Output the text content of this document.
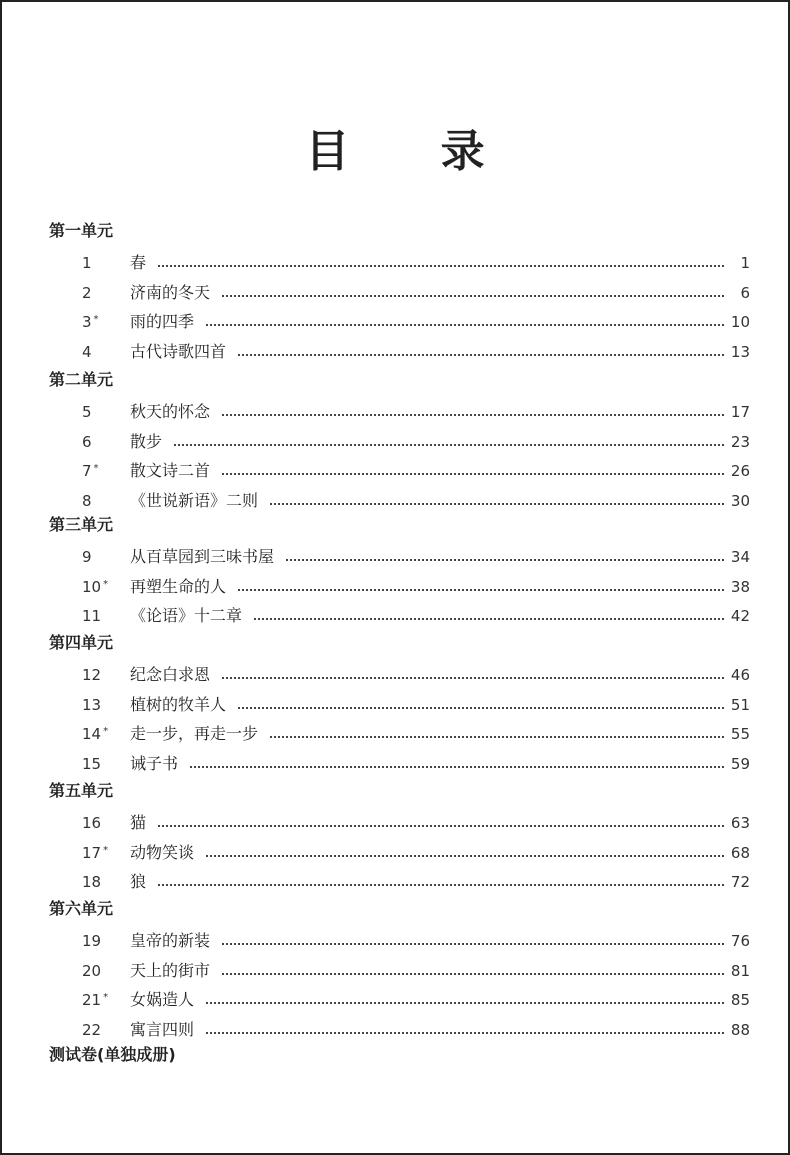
目 录
第一单元
1 春	1
2 济南的冬天	6
3 * 雨的四季	10
4 古代诗歌四首	13
第二单元
5 秋天的怀念	17
6 散步	23
7 * 散文诗二首	26
8 《世说新语》二则	30
第三单元
9 从百草园到三味书屋	34
10 * 再塑生命的人	38
11 《论语》十二章	42
第四单元
12 纪念白求恩	46
13 植树的牧羊人	51
14 * 走一步，再走一步	55
15 诫子书	59
第五单元
16 猫	63
17 * 动物笑谈	68
18 狼	72
第六单元
19 皇帝的新装	76
20 天上的街市	81
21 * 女娲造人	85
22 寓言四则	88
测试卷(单独成册)
